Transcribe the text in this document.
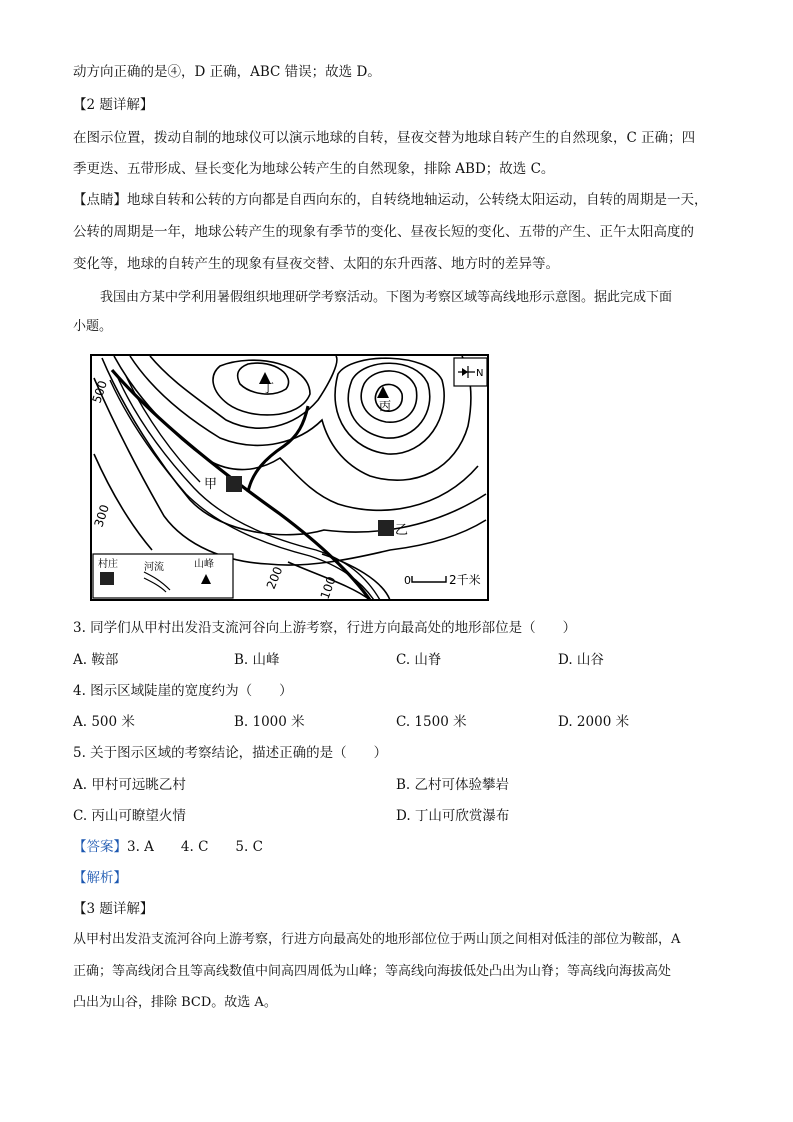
动方向正确的是④，D 正确，ABC 错误；故选 D。
【2 题详解】
在图示位置，拨动自制的地球仪可以演示地球的自转，昼夜交替为地球自转产生的自然现象，C 正确；四
季更迭、五带形成、昼长变化为地球公转产生的自然现象，排除 ABD；故选 C。
【点睛】地球自转和公转的方向都是自西向东的，自转绕地轴运动，公转绕太阳运动，自转的周期是一天，
公转的周期是一年，地球公转产生的现象有季节的变化、昼夜长短的变化、五带的产生、正午太阳高度的
变化等，地球的自转产生的现象有昼夜交替、太阳的东升西落、地方时的差异等。
我国由方某中学利用暑假组织地理研学考察活动。下图为考察区域等高线地形示意图。据此完成下面
小题。
甲
乙
丁
丙
500
300
200	100
N
0	2千米
村庄	河流	山峰
3. 同学们从甲村出发沿支流河谷向上游考察，行进方向最高处的地形部位是（　　）
A. 鞍部	B. 山峰	C. 山脊	D. 山谷
4. 图示区域陡崖的宽度约为（　　）
A. 500 米	B. 1000 米	C. 1500 米	D. 2000 米
5. 关于图示区域的考察结论，描述正确的是（　　）
A. 甲村可远眺乙村	B. 乙村可体验攀岩
C. 丙山可瞭望火情	D. 丁山可欣赏瀑布
【答案】3. A　　4. C　　5. C
【解析】
【3 题详解】
从甲村出发沿支流河谷向上游考察，行进方向最高处的地形部位位于两山顶之间相对低洼的部位为鞍部，A
正确；等高线闭合且等高线数值中间高四周低为山峰；等高线向海拔低处凸出为山脊；等高线向海拔高处
凸出为山谷，排除 BCD。故选 A。
